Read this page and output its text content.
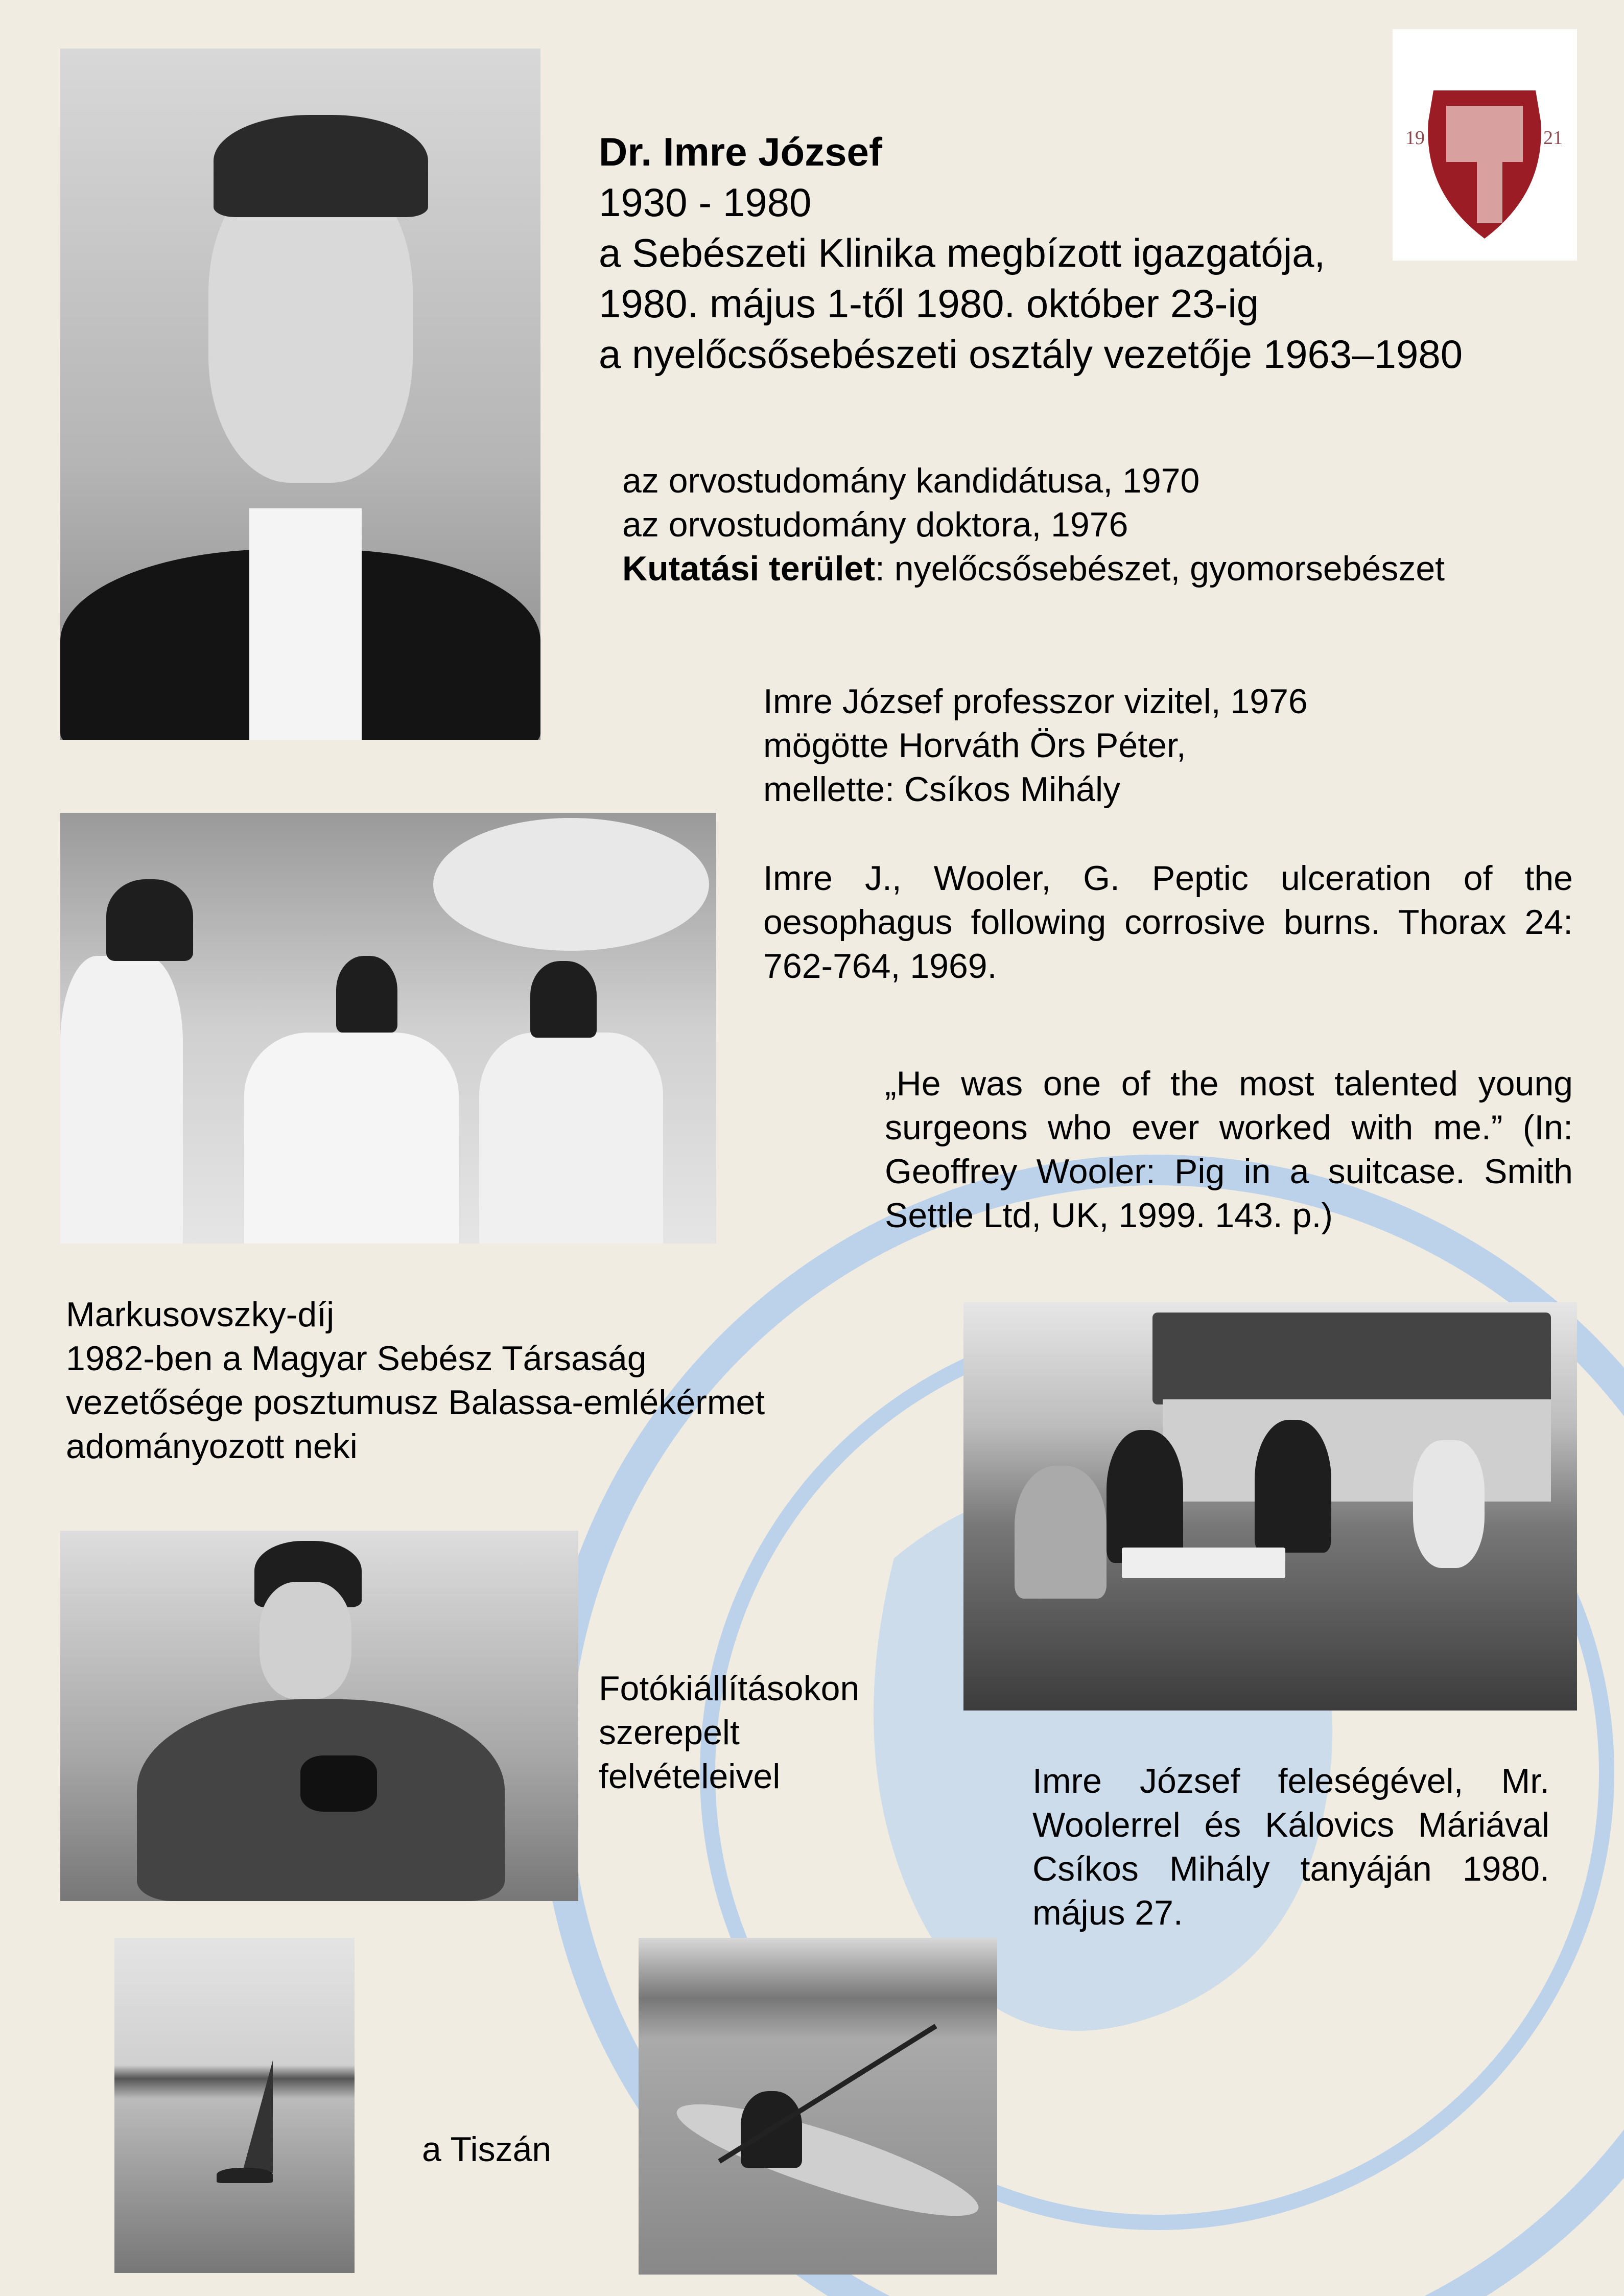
19	21
Dr. Imre József
1930 - 1980
a Sebészeti Klinika megbízott igazgatója,
1980. május 1-től 1980. október 23-ig
a nyelőcsősebészeti osztály vezetője 1963–1980
az orvostudomány kandidátusa, 1970
az orvostudomány doktora, 1976
Kutatási terület: nyelőcsősebészet, gyomorsebészet
Imre József professzor vizitel, 1976
mögötte Horváth Örs Péter,
mellette: Csíkos Mihály
Imre J., Wooler, G. Peptic ulceration of the oesophagus following corrosive burns. Thorax 24: 762-764, 1969.
„He was one of the most talented young surgeons who ever worked with me.” (In: Geoffrey Wooler: Pig in a suitcase. Smith Settle Ltd, UK, 1999. 143. p.)
Markusovszky-díj
1982-ben a Magyar Sebész Társaság
vezetősége posztumusz Balassa-emlékérmet
adományozott neki
Fotókiállításokon
szerepelt
felvételeivel	Imre József feleségével, Mr. Woolerrel és Kálovics Máriával Csíkos Mihály tanyáján 1980. május 27.
a Tiszán
